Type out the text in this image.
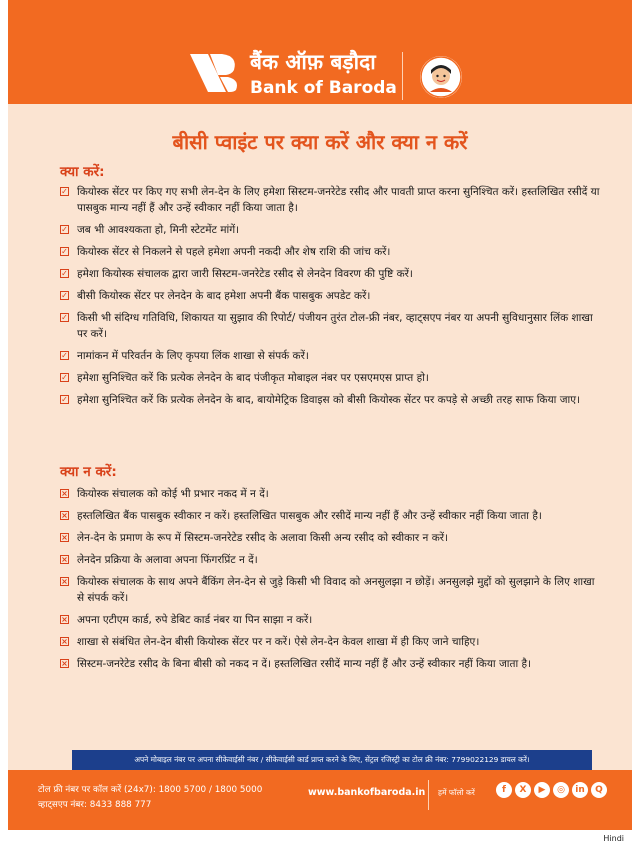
बैंक ऑफ़ बड़ौदा
Bank of Baroda
बीसी प्वाइंट पर क्या करें और क्या न करें
क्या करें:
✓ कियोस्क सेंटर पर किए गए सभी लेन-देन के लिए हमेशा सिस्टम-जनरेटेड रसीद और पावती प्राप्त करना सुनिश्चित करें। हस्तलिखित रसीदें या पासबुक मान्य नहीं हैं और उन्हें स्वीकार नहीं किया जाता है।
✓ जब भी आवश्यकता हो, मिनी स्टेटमेंट मांगें।
✓ कियोस्क सेंटर से निकलने से पहले हमेशा अपनी नकदी और शेष राशि की जांच करें।
✓ हमेशा कियोस्क संचालक द्वारा जारी सिस्टम-जनरेटेड रसीद से लेनदेन विवरण की पुष्टि करें।
✓ बीसी कियोस्क सेंटर पर लेनदेन के बाद हमेशा अपनी बैंक पासबुक अपडेट करें।
✓ किसी भी संदिग्ध गतिविधि, शिकायत या सुझाव की रिपोर्ट/ पंजीयन तुरंत टोल-फ्री नंबर, व्हाट्सएप नंबर या अपनी सुविधानुसार लिंक शाखा पर करें।
✓ नामांकन में परिवर्तन के लिए कृपया लिंक शाखा से संपर्क करें।
✓ हमेशा सुनिश्चित करें कि प्रत्येक लेनदेन के बाद पंजीकृत मोबाइल नंबर पर एसएमएस प्राप्त हो।
✓ हमेशा सुनिश्चित करें कि प्रत्येक लेनदेन के बाद, बायोमेट्रिक डिवाइस को बीसी कियोस्क सेंटर पर कपड़े से अच्छी तरह साफ किया जाए।
क्या न करें:
× कियोस्क संचालक को कोई भी प्रभार नकद में न दें।
× हस्तलिखित बैंक पासबुक स्वीकार न करें। हस्तलिखित पासबुक और रसीदें मान्य नहीं हैं और उन्हें स्वीकार नहीं किया जाता है।
× लेन-देन के प्रमाण के रूप में सिस्टम-जनरेटेड रसीद के अलावा किसी अन्य रसीद को स्वीकार न करें।
× लेनदेन प्रक्रिया के अलावा अपना फिंगरप्रिंट न दें।
× कियोस्क संचालक के साथ अपने बैंकिंग लेन-देन से जुड़े किसी भी विवाद को अनसुलझा न छोड़ें। अनसुलझे मुद्दों को सुलझाने के लिए शाखा से संपर्क करें।
× अपना एटीएम कार्ड, रुपे डेबिट कार्ड नंबर या पिन साझा न करें।
× शाखा से संबंधित लेन-देन बीसी कियोस्क सेंटर पर न करें। ऐसे लेन-देन केवल शाखा में ही किए जाने चाहिए।
× सिस्टम-जनरेटेड रसीद के बिना बीसी को नकद न दें। हस्तलिखित रसीदें मान्य नहीं हैं और उन्हें स्वीकार नहीं किया जाता है।
अपने मोबाइल नंबर पर अपना सीकेवाईसी नंबर / सीकेवाईसी कार्ड प्राप्त करने के लिए, सेंट्रल रजिस्ट्री का टोल फ्री नंबर: 7799022129 डायल करें।
टोल फ्री नंबर पर कॉल करें (24x7): 1800 5700 / 1800 5000
व्हाट्सएप नंबर: 8433 888 777
www.bankofbaroda.in हमें फॉलो करें	f	X	▶	◎	in	Q
Hindi
